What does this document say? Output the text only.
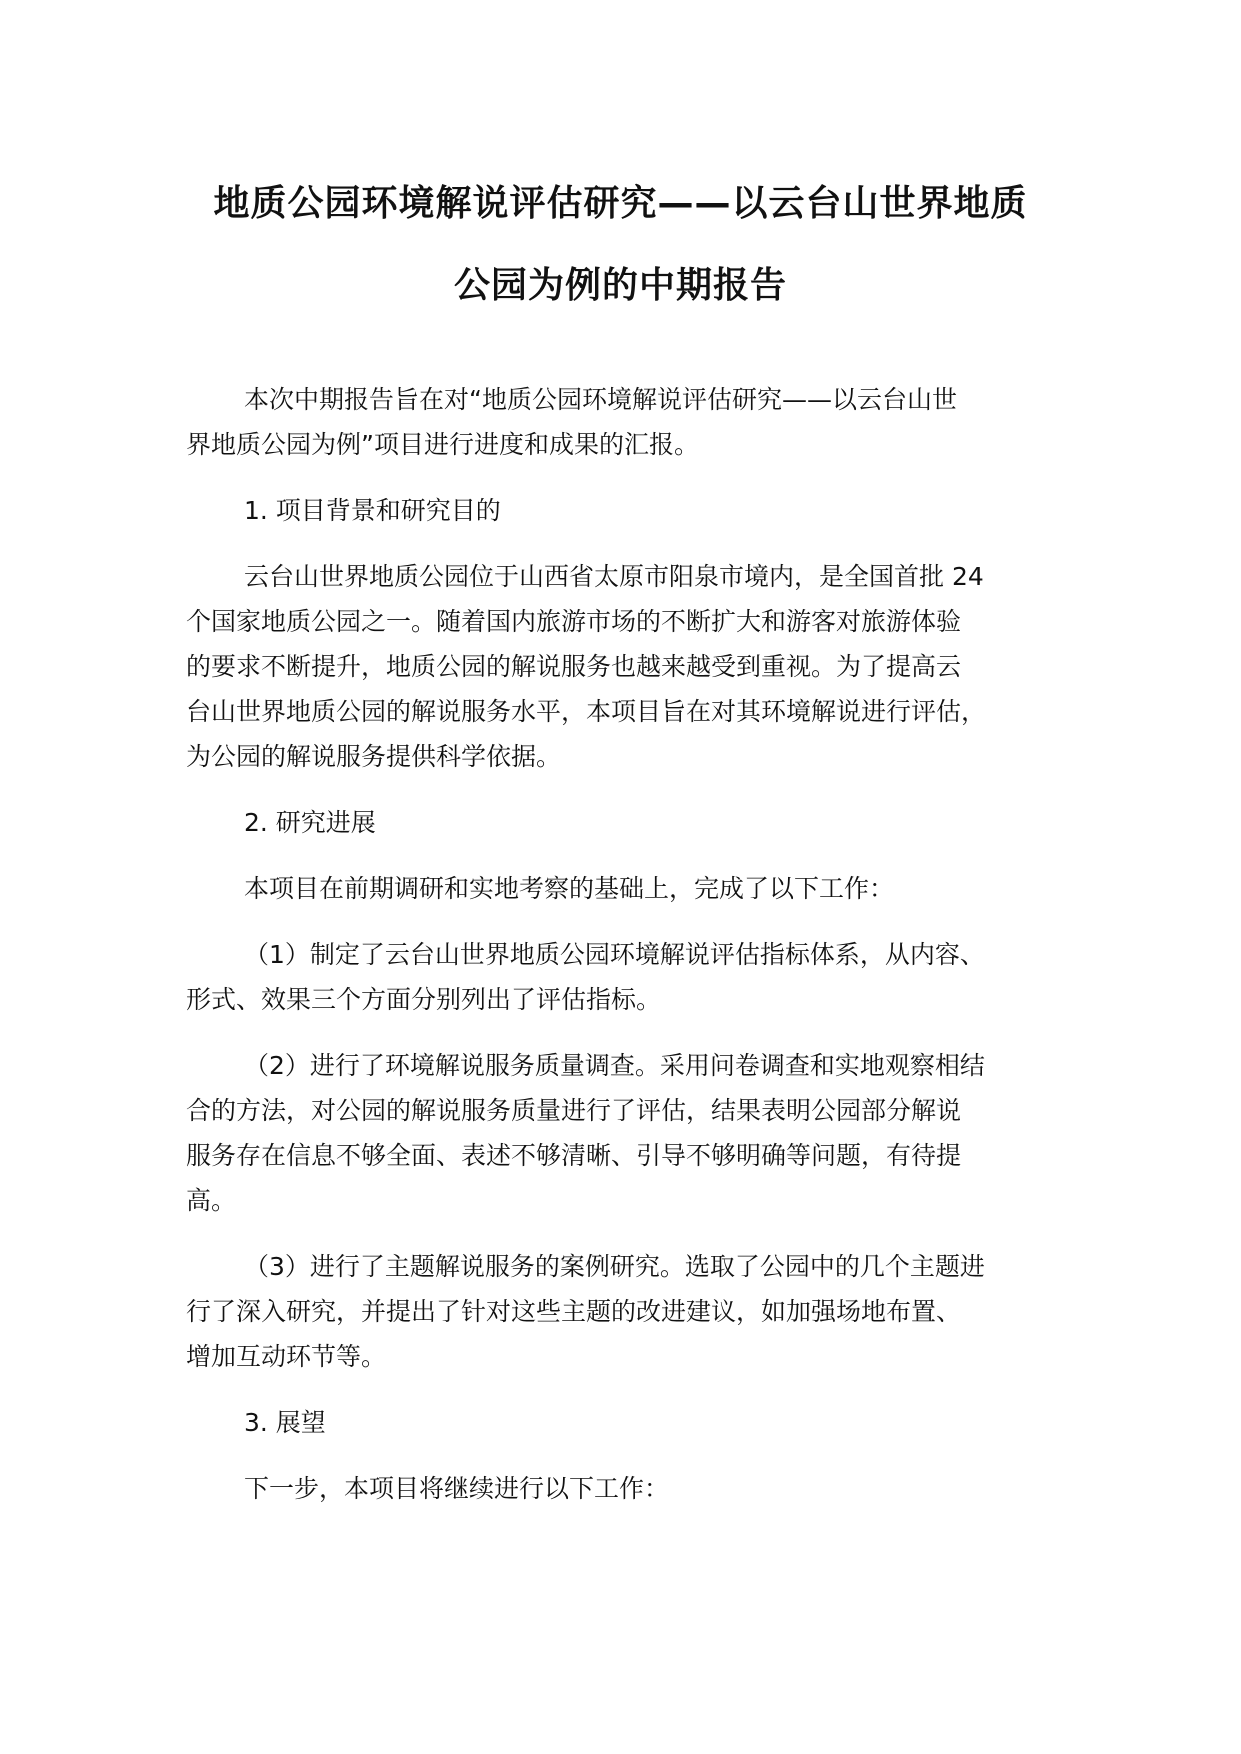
地质公园环境解说评估研究——以云台山世界地质
公园为例的中期报告
本次中期报告旨在对“地质公园环境解说评估研究——以云台山世
界地质公园为例”项目进行进度和成果的汇报。
1. 项目背景和研究目的
云台山世界地质公园位于山西省太原市阳泉市境内，是全国首批 24
个国家地质公园之一。随着国内旅游市场的不断扩大和游客对旅游体验
的要求不断提升，地质公园的解说服务也越来越受到重视。为了提高云
台山世界地质公园的解说服务水平，本项目旨在对其环境解说进行评估，
为公园的解说服务提供科学依据。
2. 研究进展
本项目在前期调研和实地考察的基础上，完成了以下工作：
（1）制定了云台山世界地质公园环境解说评估指标体系，从内容、
形式、效果三个方面分别列出了评估指标。
（2）进行了环境解说服务质量调查。采用问卷调查和实地观察相结
合的方法，对公园的解说服务质量进行了评估，结果表明公园部分解说
服务存在信息不够全面、表述不够清晰、引导不够明确等问题，有待提
高。
（3）进行了主题解说服务的案例研究。选取了公园中的几个主题进
行了深入研究，并提出了针对这些主题的改进建议，如加强场地布置、
增加互动环节等。
3. 展望
下一步，本项目将继续进行以下工作：
